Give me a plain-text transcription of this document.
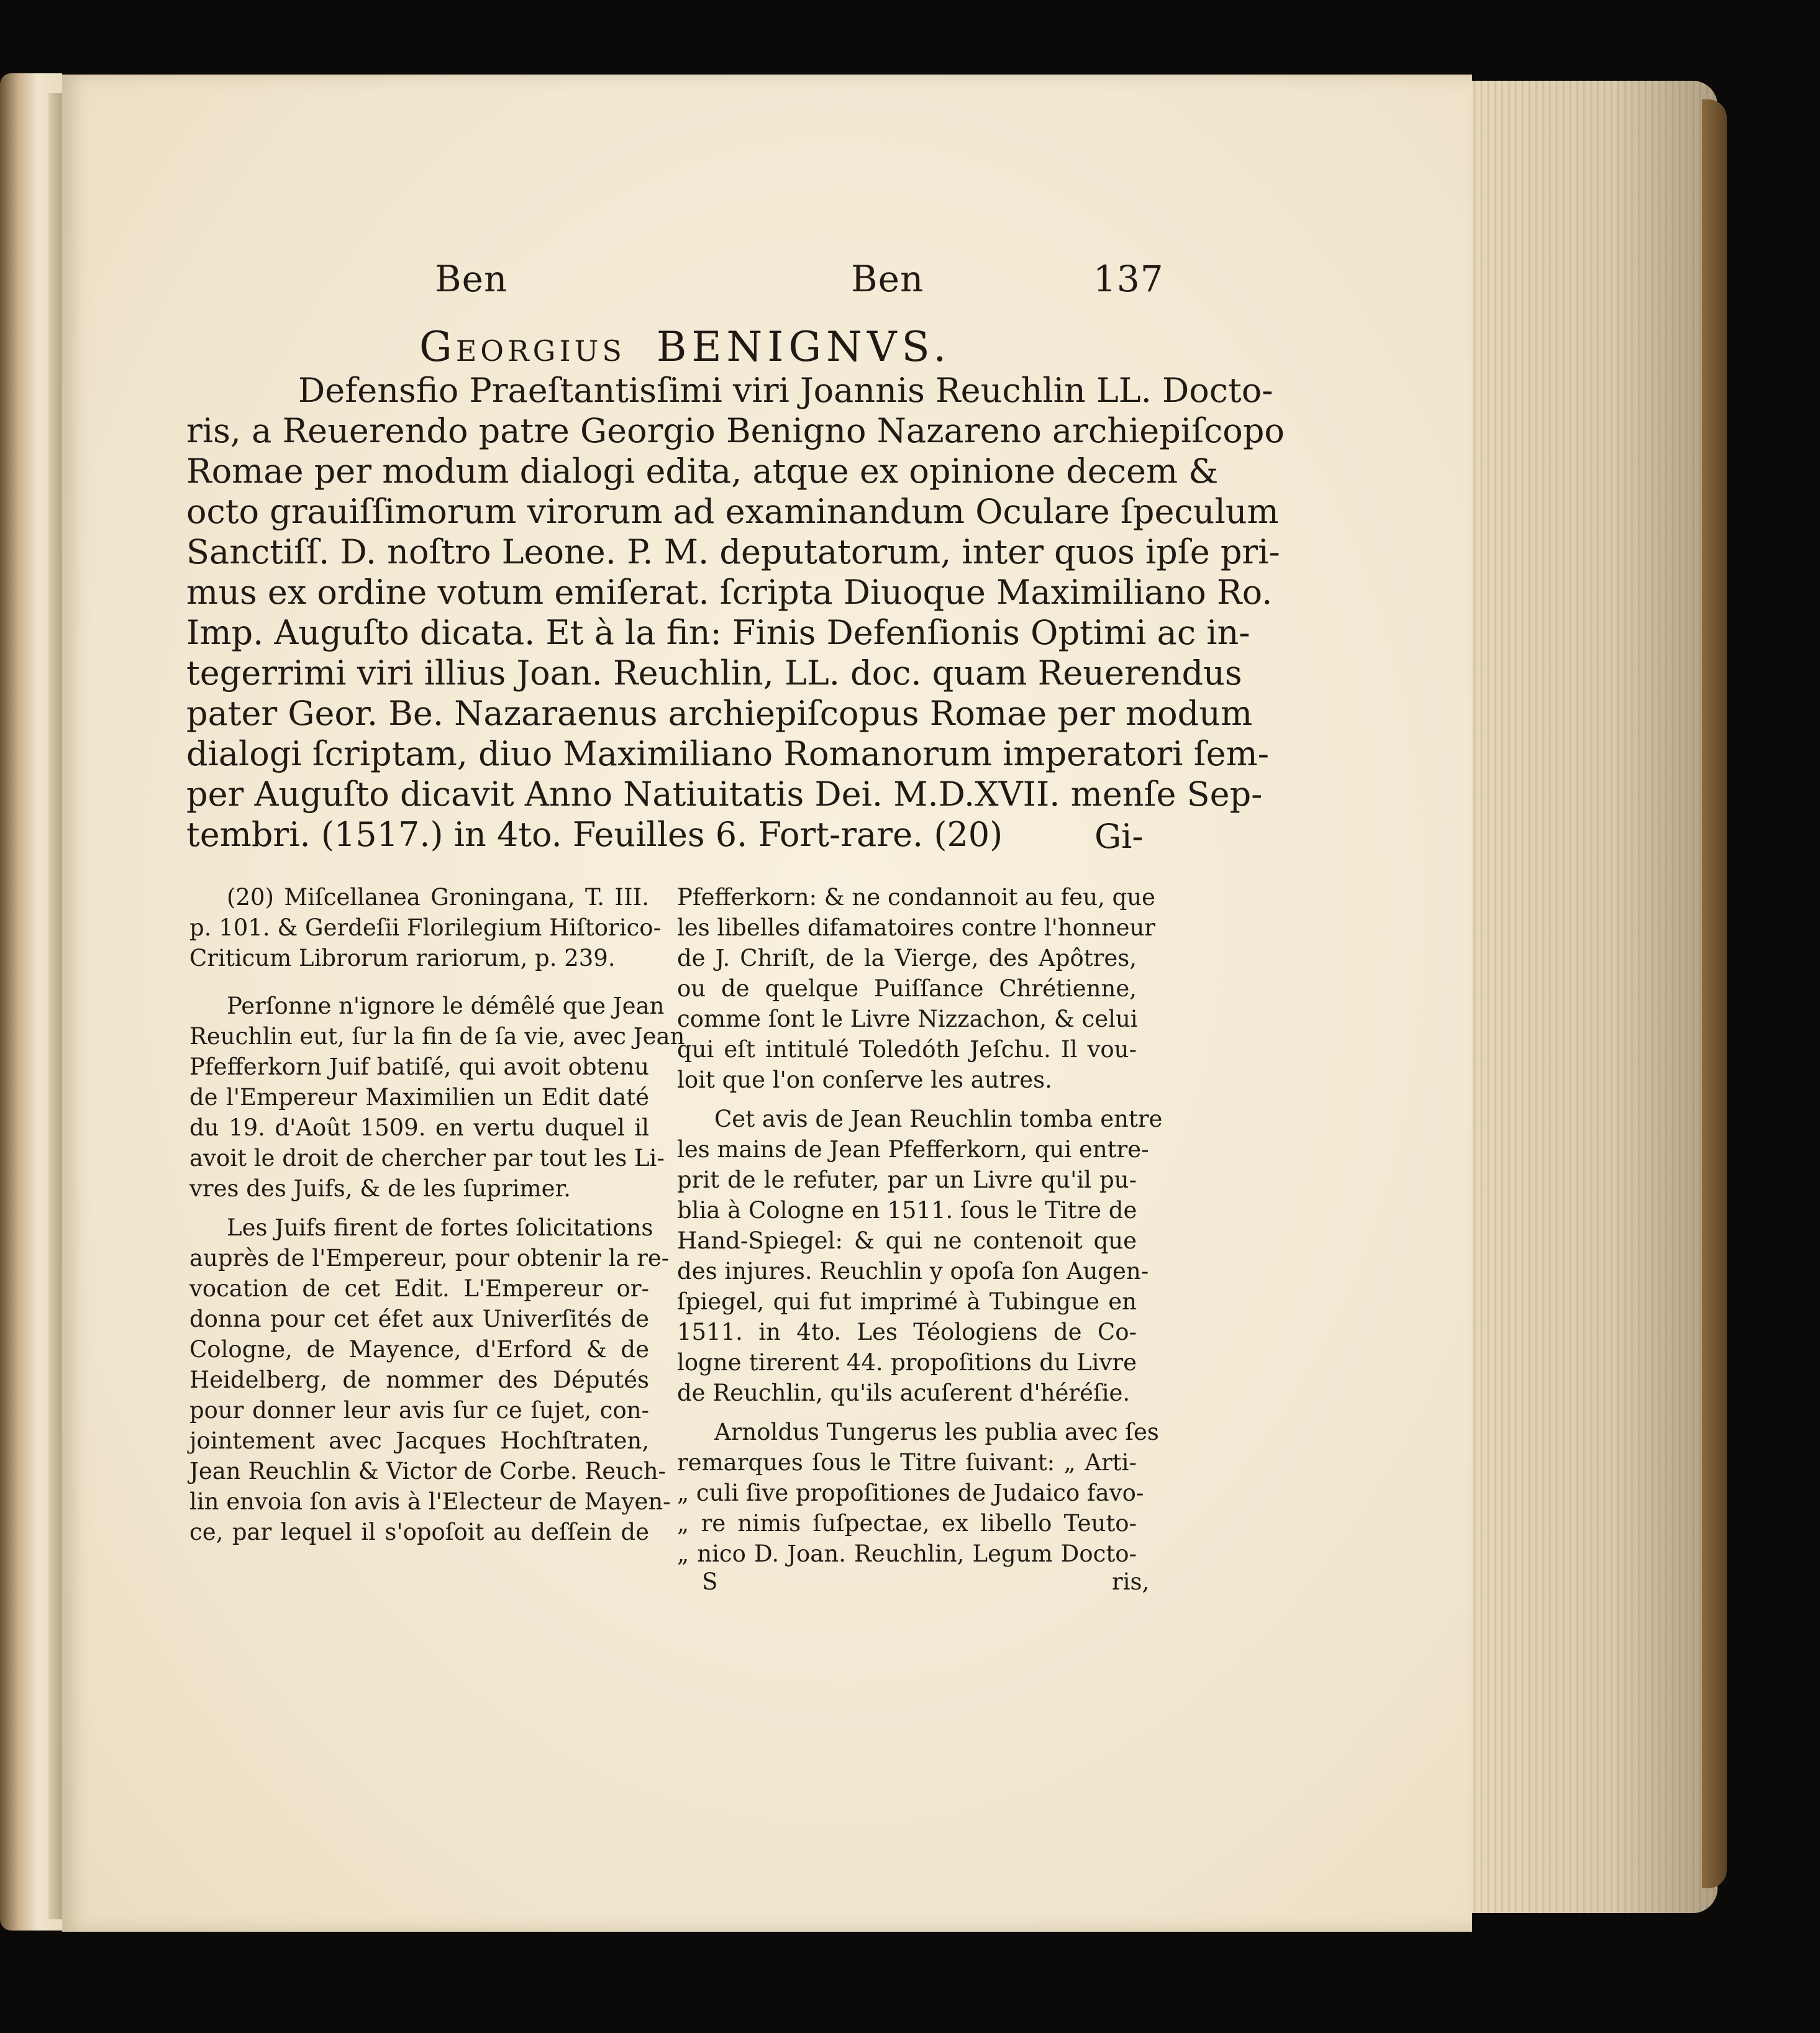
Ben	Ben	137
Georgius BENIGNVS.
Defensfio Praeſtantisſimi viri Joannis Reuchlin LL. Docto-
ris, a Reuerendo patre Georgio Benigno Nazareno archiepiſcopo
Romae per modum dialogi edita, atque ex opinione decem &
octo grauiſſimorum virorum ad examinandum Oculare ſpeculum
Sanctiſſ. D. noſtro Leone. P. M. deputatorum, inter quos ipſe pri-
mus ex ordine votum emiſerat. ſcripta Diuoque Maximiliano Ro.
Imp. Auguſto dicata. Et à la fin: Finis Defenſionis Optimi ac in-
tegerrimi viri illius Joan. Reuchlin, LL. doc. quam Reuerendus
pater Geor. Be. Nazaraenus archiepiſcopus Romae per modum
dialogi ſcriptam, diuo Maximiliano Romanorum imperatori ſem-
per Auguſto dicavit Anno Natiuitatis Dei. M.D.XVII. menſe Sep-
tembri. (1517.) in 4to. Feuilles 6. Fort-rare. (20)	Gi-
(20) Miſcellanea Groningana, T. III.
p. 101. & Gerdeſii Florilegium Hiſtorico-
Criticum Librorum rariorum, p. 239.
Perſonne n'ignore le démêlé que Jean
Reuchlin eut, ſur la fin de ſa vie, avec Jean
Pfefferkorn Juif batiſé, qui avoit obtenu
de l'Empereur Maximilien un Edit daté
du 19. d'Août 1509. en vertu duquel il
avoit le droit de chercher par tout les Li-
vres des Juifs, & de les ſuprimer.
Les Juifs firent de fortes ſolicitations
auprès de l'Empereur, pour obtenir la re-
vocation de cet Edit. L'Empereur or-
donna pour cet éfet aux Univerſités de
Cologne, de Mayence, d'Erford & de
Heidelberg, de nommer des Députés
pour donner leur avis ſur ce ſujet, con-
jointement avec Jacques Hochſtraten,
Jean Reuchlin & Victor de Corbe. Reuch-
lin envoia ſon avis à l'Electeur de Mayen-
ce, par lequel il s'opoſoit au deſſein de
Pfefferkorn: & ne condannoit au feu, que
les libelles difamatoires contre l'honneur
de J. Chriſt, de la Vierge, des Apôtres,
ou de quelque Puiſſance Chrétienne,
comme ſont le Livre Nizzachon, & celui
qui eſt intitulé Toledóth Jeſchu. Il vou-
loit que l'on conſerve les autres.
Cet avis de Jean Reuchlin tomba entre
les mains de Jean Pfefferkorn, qui entre-
prit de le refuter, par un Livre qu'il pu-
blia à Cologne en 1511. ſous le Titre de
Hand-Spiegel: & qui ne contenoit que
des injures. Reuchlin y opoſa ſon Augen-
ſpiegel, qui fut imprimé à Tubingue en
1511. in 4to. Les Téologiens de Co-
logne tirerent 44. propoſitions du Livre
de Reuchlin, qu'ils acuſerent d'héréſie.
Arnoldus Tungerus les publia avec ſes
remarques ſous le Titre ſuivant: „ Arti-
„ culi ſive propoſitiones de Judaico favo-
„ re nimis ſuſpectae, ex libello Teuto-
„ nico D. Joan. Reuchlin, Legum Docto-
S	ris,
